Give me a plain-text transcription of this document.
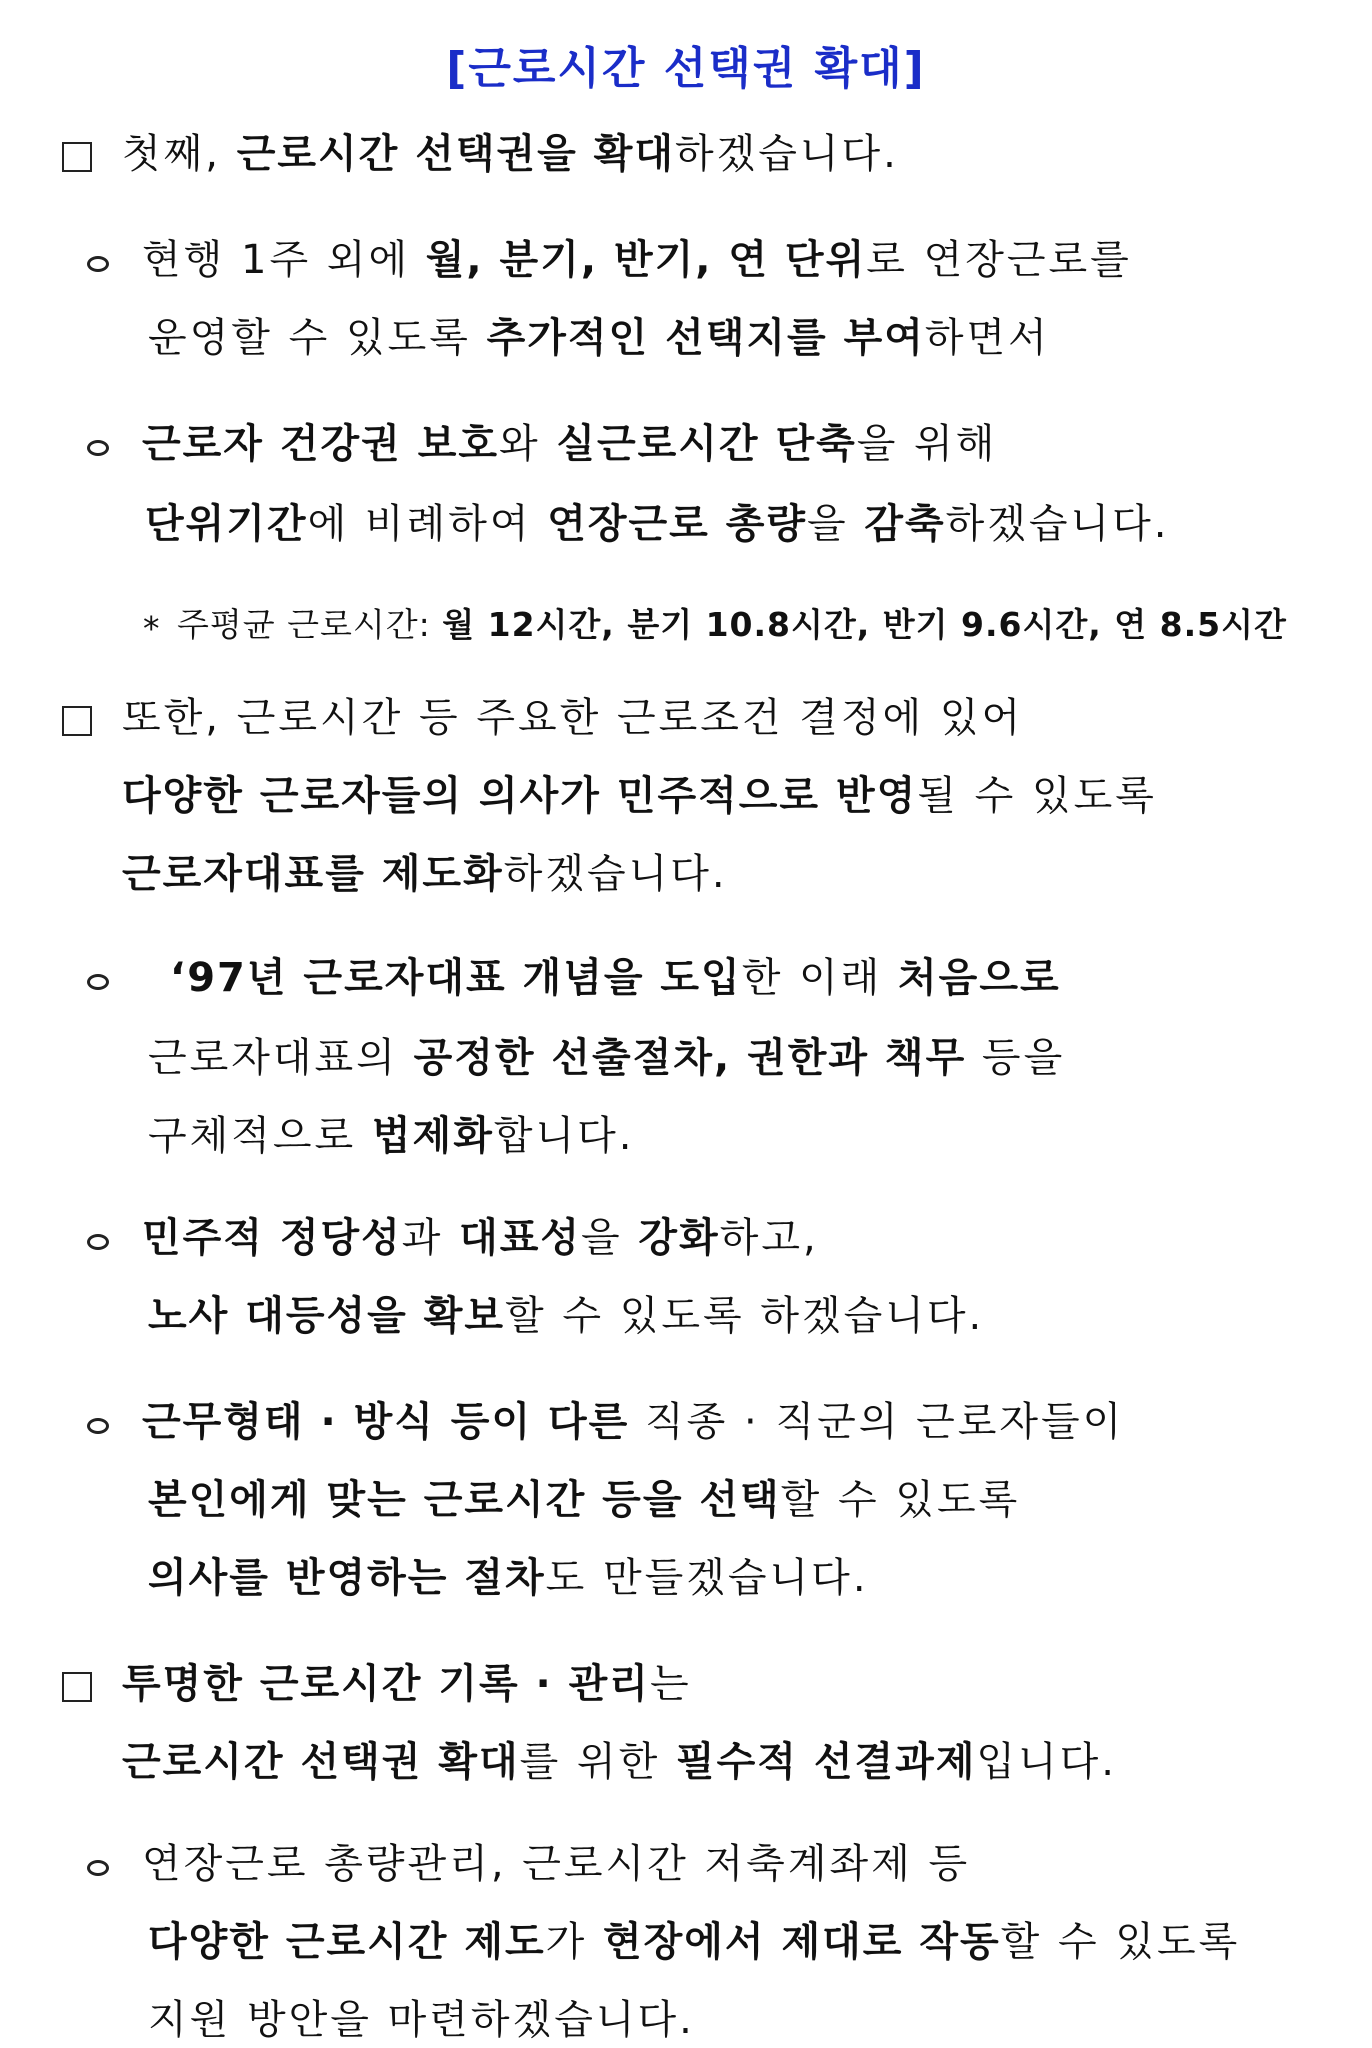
[근로시간 선택권 확대]
첫째, 근로시간 선택권을 확대하겠습니다.
현행 1주 외에 월, 분기, 반기, 연 단위로 연장근로를
운영할 수 있도록 추가적인 선택지를 부여하면서
근로자 건강권 보호와 실근로시간 단축을 위해
단위기간에 비례하여 연장근로 총량을 감축하겠습니다.
* 주평균 근로시간: 월 12시간, 분기 10.8시간, 반기 9.6시간, 연 8.5시간
또한, 근로시간 등 주요한 근로조건 결정에 있어
다양한 근로자들의 의사가 민주적으로 반영될 수 있도록
근로자대표를 제도화하겠습니다.
‘97년 근로자대표 개념을 도입한 이래 처음으로
근로자대표의 공정한 선출절차, 권한과 책무 등을
구체적으로 법제화합니다.
민주적 정당성과 대표성을 강화하고,
노사 대등성을 확보할 수 있도록 하겠습니다.
근무형태 · 방식 등이 다른 직종 · 직군의 근로자들이
본인에게 맞는 근로시간 등을 선택할 수 있도록
의사를 반영하는 절차도 만들겠습니다.
투명한 근로시간 기록 · 관리는
근로시간 선택권 확대를 위한 필수적 선결과제입니다.
연장근로 총량관리, 근로시간 저축계좌제 등
다양한 근로시간 제도가 현장에서 제대로 작동할 수 있도록
지원 방안을 마련하겠습니다.
